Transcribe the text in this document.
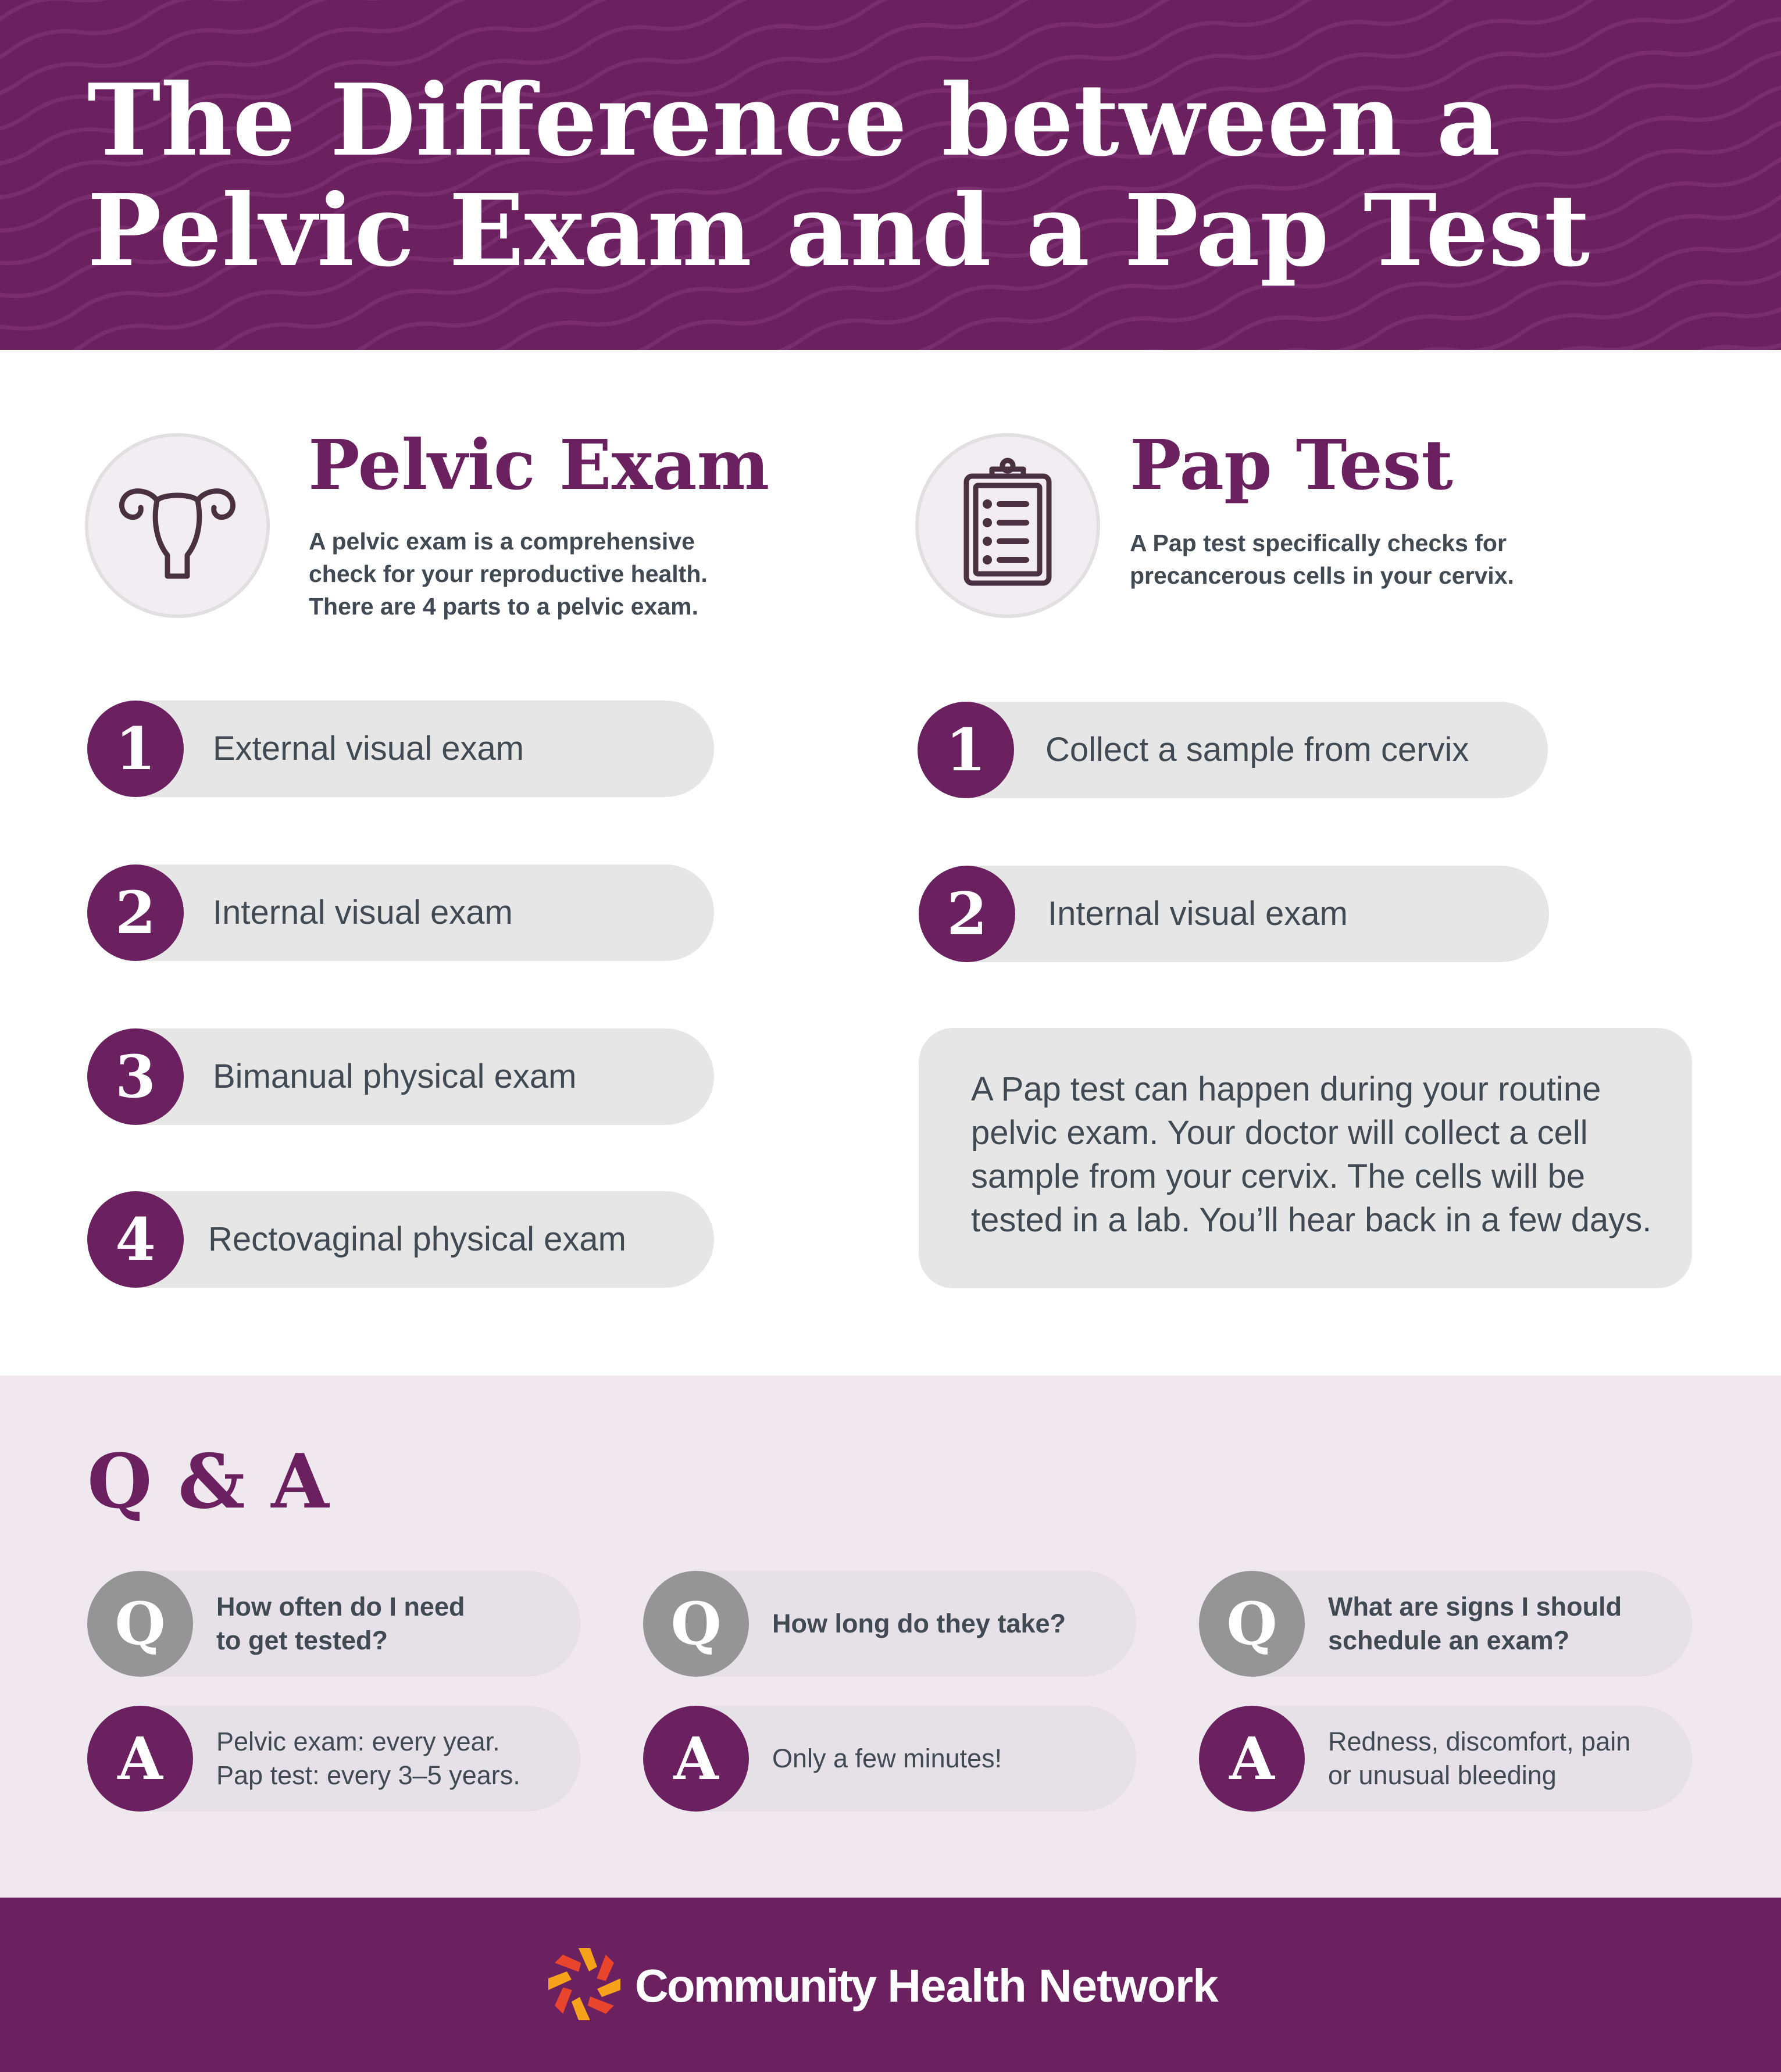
The Difference between a
Pelvic Exam and a Pap Test
Pelvic Exam
A pelvic exam is a comprehensive
check for your reproductive health.
There are 4 parts to a pelvic exam.
External visual exam
1
Internal visual exam
2
Bimanual physical exam
3
Rectovaginal physical exam
4
Pap Test
A Pap test specifically checks for
precancerous cells in your cervix.
Collect a sample from cervix
1
Internal visual exam
2
A Pap test can happen during your routine
pelvic exam. Your doctor will collect a cell
sample from your cervix. The cells will be
tested in a lab. You’ll hear back in a few days.
Q & A
How often do I need
to get tested?
Q
Pelvic exam: every year.
Pap test: every 3–5 years.
A
How long do they take?
Q
Only a few minutes!
A
What are signs I should
schedule an exam?
Q
Redness, discomfort, pain
or unusual bleeding
A
Community Health Network
